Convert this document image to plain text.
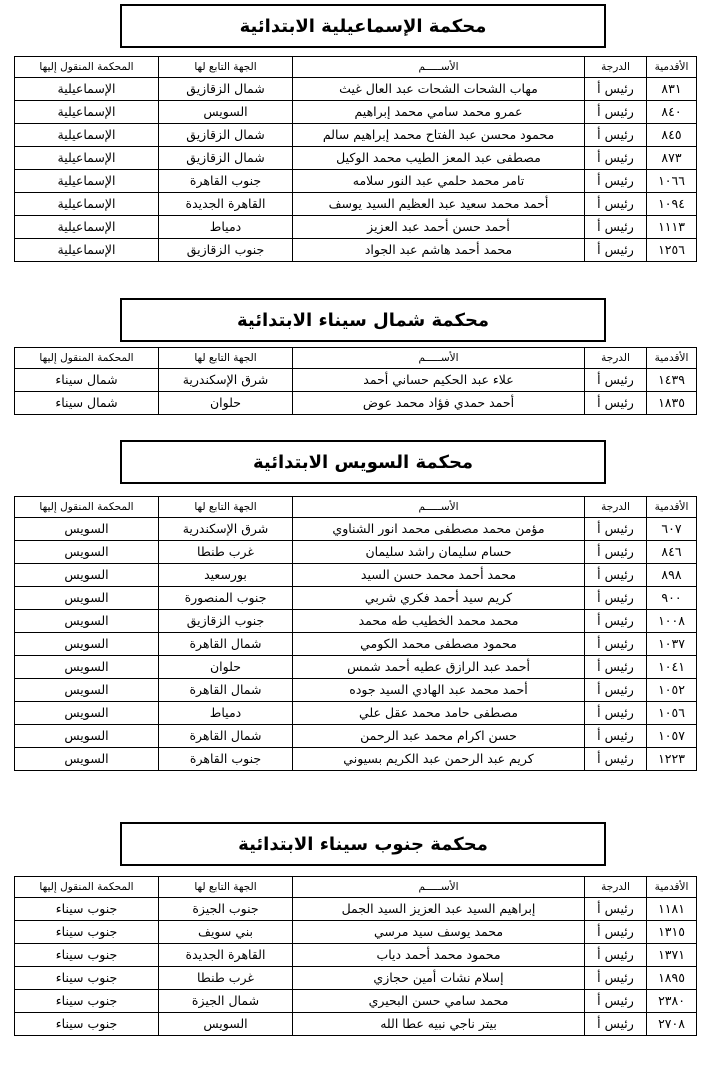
محكمة الإسماعيلية الابتدائية
الأقدمية	الدرجة	الأســـــم	الجهة التابع لها	المحكمة المنقول إليها
٨٣١	رئيس أ	مهاب الشحات الشحات عبد العال غيث	شمال الزقازيق	الإسماعيلية
٨٤٠	رئيس أ	عمرو محمد سامي محمد إبراهيم	السويس	الإسماعيلية
٨٤٥	رئيس أ	محمود محسن عبد الفتاح محمد إبراهيم سالم	شمال الزقازيق	الإسماعيلية
٨٧٣	رئيس أ	مصطفى عبد المعز الطيب محمد الوكيل	شمال الزقازيق	الإسماعيلية
١٠٦٦	رئيس أ	تامر محمد حلمي عبد النور سلامه	جنوب القاهرة	الإسماعيلية
١٠٩٤	رئيس أ	أحمد محمد سعيد عبد العظيم السيد يوسف	القاهرة الجديدة	الإسماعيلية
١١١٣	رئيس أ	أحمد حسن أحمد عبد العزيز	دمياط	الإسماعيلية
١٢٥٦	رئيس أ	محمد أحمد هاشم عبد الجواد	جنوب الزقازيق	الإسماعيلية
محكمة شمال سيناء الابتدائية
الأقدمية	الدرجة	الأســـــم	الجهة التابع لها	المحكمة المنقول إليها
١٤٣٩	رئيس أ	علاء عبد الحكيم حساني أحمد	شرق الإسكندرية	شمال سيناء
١٨٣٥	رئيس أ	أحمد حمدي فؤاد محمد عوض	حلوان	شمال سيناء
محكمة السويس الابتدائية
الأقدمية	الدرجة	الأســـــم	الجهة التابع لها	المحكمة المنقول إليها
٦٠٧	رئيس أ	مؤمن محمد مصطفى محمد انور الشناوي	شرق الإسكندرية	السويس
٨٤٦	رئيس أ	حسام سليمان راشد سليمان	غرب طنطا	السويس
٨٩٨	رئيس أ	محمد أحمد محمد حسن السيد	بورسعيد	السويس
٩٠٠	رئيس أ	كريم سيد أحمد فكري شربي	جنوب المنصورة	السويس
١٠٠٨	رئيس أ	محمد محمد الخطيب طه محمد	جنوب الزقازيق	السويس
١٠٣٧	رئيس أ	محمود مصطفى محمد الكومي	شمال القاهرة	السويس
١٠٤١	رئيس أ	أحمد عبد الرازق عطيه أحمد شمس	حلوان	السويس
١٠٥٢	رئيس أ	أحمد محمد عبد الهادي السيد جوده	شمال القاهرة	السويس
١٠٥٦	رئيس أ	مصطفى حامد محمد عقل علي	دمياط	السويس
١٠٥٧	رئيس أ	حسن اكرام محمد عبد الرحمن	شمال القاهرة	السويس
١٢٢٣	رئيس أ	كريم عبد الرحمن عبد الكريم بسيوني	جنوب القاهرة	السويس
محكمة جنوب سيناء الابتدائية
الأقدمية	الدرجة	الأســـــم	الجهة التابع لها	المحكمة المنقول إليها
١١٨١	رئيس أ	إبراهيم السيد عبد العزيز السيد الجمل	جنوب الجيزة	جنوب سيناء
١٣١٥	رئيس أ	محمد يوسف سيد مرسي	بني سويف	جنوب سيناء
١٣٧١	رئيس أ	محمود محمد أحمد دياب	القاهرة الجديدة	جنوب سيناء
١٨٩٥	رئيس أ	إسلام نشات أمين حجازي	غرب طنطا	جنوب سيناء
٢٣٨٠	رئيس أ	محمد سامي حسن البحيري	شمال الجيزة	جنوب سيناء
٢٧٠٨	رئيس أ	بيتر ناجي نبيه عطا الله	السويس	جنوب سيناء
